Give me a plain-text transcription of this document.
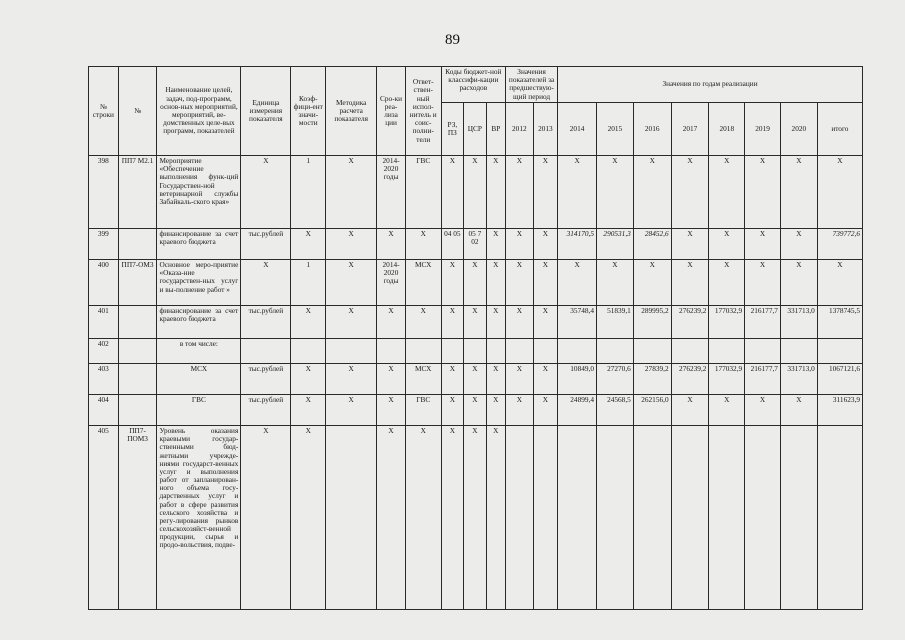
89
№ строки	№	Наименование целей, задач, под-программ, основ-ных мероприятий, мероприятий, ве-домственных целе-вых программ, показателей	Единица измерения показателя	Коэф-фици-ент значи-мости	Методика расчета показателя	Сро-ки реа-лиза ции	Ответ-ствен-ный испол-нитель и соис-полни-тели	Коды бюджет-ной классифи-кации расходов			Значения показателей за предшествую-щий период		Значения по годам реализации							
								РЗ, ПЗ	ЦСР	ВР	2012	2013	2014	2015	2016	2017	2018	2019	2020	итого
398	ПП7 М2.1	Мероприятие «Обеспечение выполнения функ-ций Государствен-ной ветеринарной службы Забайкаль-ского края»	X	1	X	2014-2020 годы	ГВС	X	X	X	X	X	X	X	X	X	X	X	X	X
399		финансирование за счет краевого бюджета	тыс.рублей	X	X	X	X	04 05	05 7 02	X	X	X	314170,5	290531,3	28452,6	X	X	X	X	739772,6
400	ПП7-ОМ3	Основное меро-приятие «Оказа-ние государствен-ных услуг и вы-полнение работ »	X	1	X	2014-2020 годы	МСХ	X	X	X	X	X	X	X	X	X	X	X	X	X
401		финансирование за счет краевого бюджета	тыс.рублей	X	X	X	X	X	X	X	X	X	35748,4	51839,1	289995,2	276239,2	177032,9	216177,7	331713,0	1378745,5
402		в том числе:																		
403		МСХ	тыс.рублей	X	X	X	МСХ	X	X	X	X	X	10849,0	27270,6	27839,2	276239,2	177032,9	216177,7	331713,0	1067121,6
404		ГВС	тыс.рублей	X	X	X	ГВС	X	X	X	X	X	24899,4	24568,5	262156,0	X	X	X	X	311623,9
405	ПП7-ПОМ3	Уровень оказания краевыми государ-ственными бюд-жетными учрежде-ниями государст-венных услуг и выполнения работ от запланирован-ного объема госу-дарственных услуг и работ в сфере развития сельского хозяйства и регу-лирования рынков сельскохозяйст-венной продукции, сырья и продо-вольствия, подве-	X	X		X	X	X	X	X										
